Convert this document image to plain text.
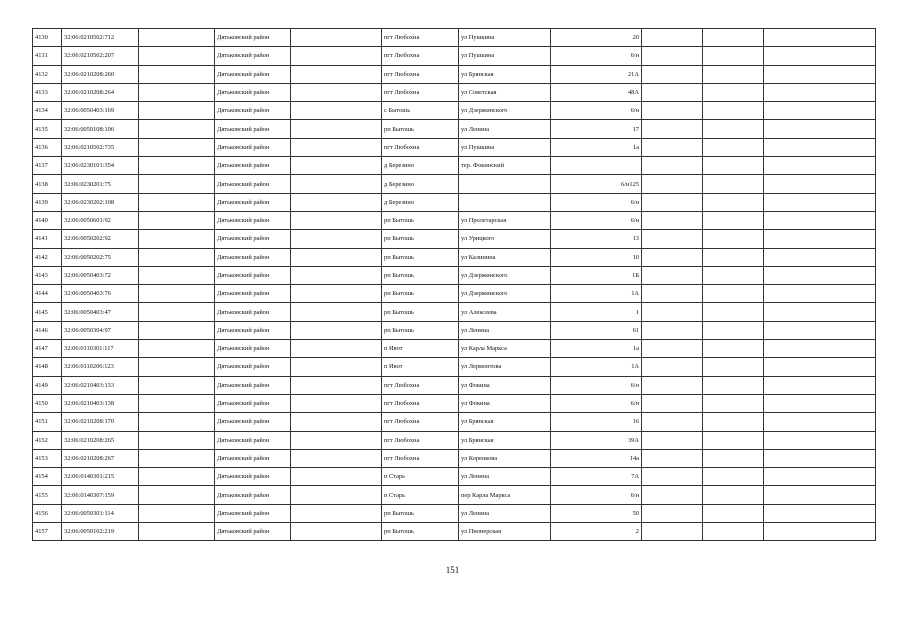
4130	32:06:0210502:712		Дятьковский район		пгт Любохна	ул Пушкина	20			
4131	32:06:0210502:207		Дятьковский район		пгт Любохна	ул Пушкина	6/н			
4132	32:06:0210208:260		Дятьковский район		пгт Любохна	ул Брянская	21А			
4133	32:06:0210208:264		Дятьковский район		пгт Любохна	ул Советская	48А			
4134	32:06:0050403:169		Дятьковский район		с Бытошь	ул Дзержинского	6/н			
4135	32:06:0050108:106		Дятьковский район		рп Бытошь	ул Ленина	17			
4136	32:06:0210502:735		Дятьковский район		пгт Любохна	ул Пушкина	1а			
4137	32:06:0230101:354		Дятьковский район		д Березино	тер. Фокинский				
4138	32:06:0230201:75		Дятьковский район		д Березино		6/н125			
4139	32:06:0230202:108		Дятьковский район		д Березино		6/н			
4140	32:06:0050601:92		Дятьковский район		рп Бытошь	ул Пролетарская	6/н			
4141	32:06:0050202:92		Дятьковский район		рп Бытошь	ул Урицкого	13			
4142	32:06:0050202:75		Дятьковский район		рп Бытошь	ул Калинина	10			
4143	32:06:0050403:72		Дятьковский район		рп Бытошь	ул Дзержинского	1Б			
4144	32:06:0050403:76		Дятьковский район		рп Бытошь	ул Дзержинского	1А			
4145	32:06:0050403:47		Дятьковский район		рп Бытошь	ул Алексеева	1			
4146	32:06:0050304:97		Дятьковский район		рп Бытошь	ул Ленина	61			
4147	32:06:0110301:117		Дятьковский район		п Ивот	ул Карла Маркса	1а			
4148	32:06:0110206:123		Дятьковский район		п Ивот	ул Лермонтова	1А			
4149	32:06:0210403:133		Дятьковский район		пгт Любохна	ул Фокина	6/н			
4150	32:06:0210403:138		Дятьковский район		пгт Любохна	ул Фокина	6/н			
4151	32:06:0210208:170		Дятьковский район		пгт Любохна	ул Брянская	16			
4152	32:06:0210208:265		Дятьковский район		пгт Любохна	ул Брянская	39А			
4153	32:06:0210208:267		Дятьковский район		пгт Любохна	ул Коренкова	14а			
4154	32:06:0140301:215		Дятьковский район		п Старь	ул Ленина	7А			
4155	32:06:0140307:159		Дятьковский район		п Старь	пер Карла Маркса	6/н			
4156	32:06:0050301:114		Дятьковский район		рп Бытошь	ул Ленина	50			
4157	32:06:0050102:219		Дятьковский район		рп Бытошь	ул Пионерская	2			
151
